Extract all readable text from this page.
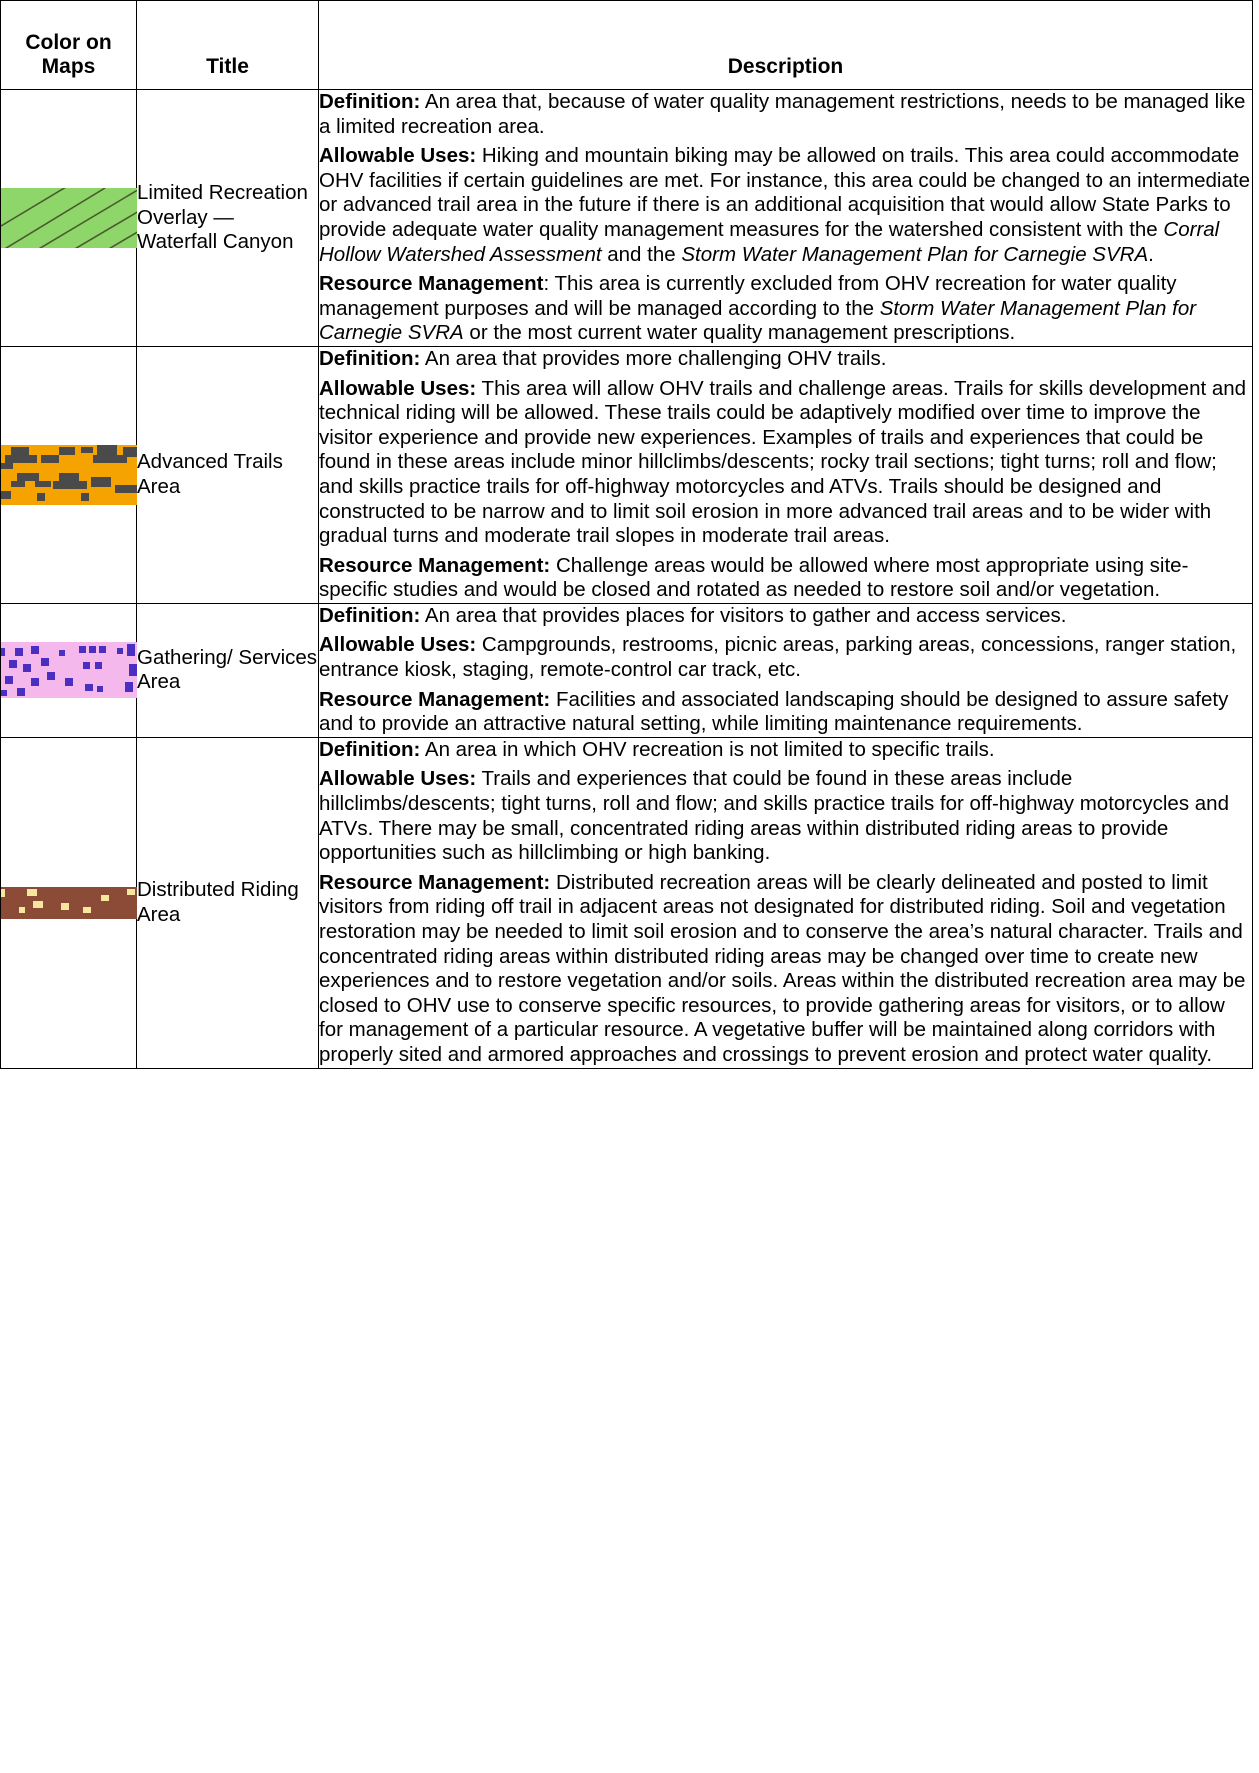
Color on Maps	Title	Description

	Limited Recreation Overlay — Waterfall Canyon	Definition: An area that, because of water quality management restrictions, needs to be managed like a limited recreation area.

Allowable Uses: Hiking and mountain biking may be allowed on trails. This area could accommodate OHV facilities if certain guidelines are met. For instance, this area could be changed to an intermediate or advanced trail area in the future if there is an additional acquisition that would allow State Parks to provide adequate water quality management measures for the watershed consistent with the Corral Hollow Watershed Assessment and the Storm Water Management Plan for Carnegie SVRA.

Resource Management: This area is currently excluded from OHV recreation for water quality management purposes and will be managed according to the Storm Water Management Plan for Carnegie SVRA or the most current water quality management prescriptions.

	Advanced Trails Area	Definition: An area that provides more challenging OHV trails.

Allowable Uses: This area will allow OHV trails and challenge areas. Trails for skills development and technical riding will be allowed. These trails could be adaptively modified over time to improve the visitor experience and provide new experiences. Examples of trails and experiences that could be found in these areas include minor hillclimbs/descents; rocky trail sections; tight turns; roll and flow; and skills practice trails for off-highway motorcycles and ATVs. Trails should be designed and constructed to be narrow and to limit soil erosion in more advanced trail areas and to be wider with gradual turns and moderate trail slopes in moderate trail areas.

Resource Management: Challenge areas would be allowed where most appropriate using site-specific studies and would be closed and rotated as needed to restore soil and/or vegetation.

	Gathering/ Services Area	Definition: An area that provides places for visitors to gather and access services.

Allowable Uses: Campgrounds, restrooms, picnic areas, parking areas, concessions, ranger station, entrance kiosk, staging, remote-control car track, etc.

Resource Management: Facilities and associated landscaping should be designed to assure safety and to provide an attractive natural setting, while limiting maintenance requirements.

	Distributed Riding Area	Definition: An area in which OHV recreation is not limited to specific trails.

Allowable Uses: Trails and experiences that could be found in these areas include hillclimbs/descents; tight turns, roll and flow; and skills practice trails for off-highway motorcycles and ATVs. There may be small, concentrated riding areas within distributed riding areas to provide opportunities such as hillclimbing or high banking.

Resource Management: Distributed recreation areas will be clearly delineated and posted to limit visitors from riding off trail in adjacent areas not designated for distributed riding. Soil and vegetation restoration may be needed to limit soil erosion and to conserve the area’s natural character. Trails and concentrated riding areas within distributed riding areas may be changed over time to create new experiences and to restore vegetation and/or soils. Areas within the distributed recreation area may be closed to OHV use to conserve specific resources, to provide gathering areas for visitors, or to allow for management of a particular resource. A vegetative buffer will be maintained along corridors with properly sited and armored approaches and crossings to prevent erosion and protect water quality.
